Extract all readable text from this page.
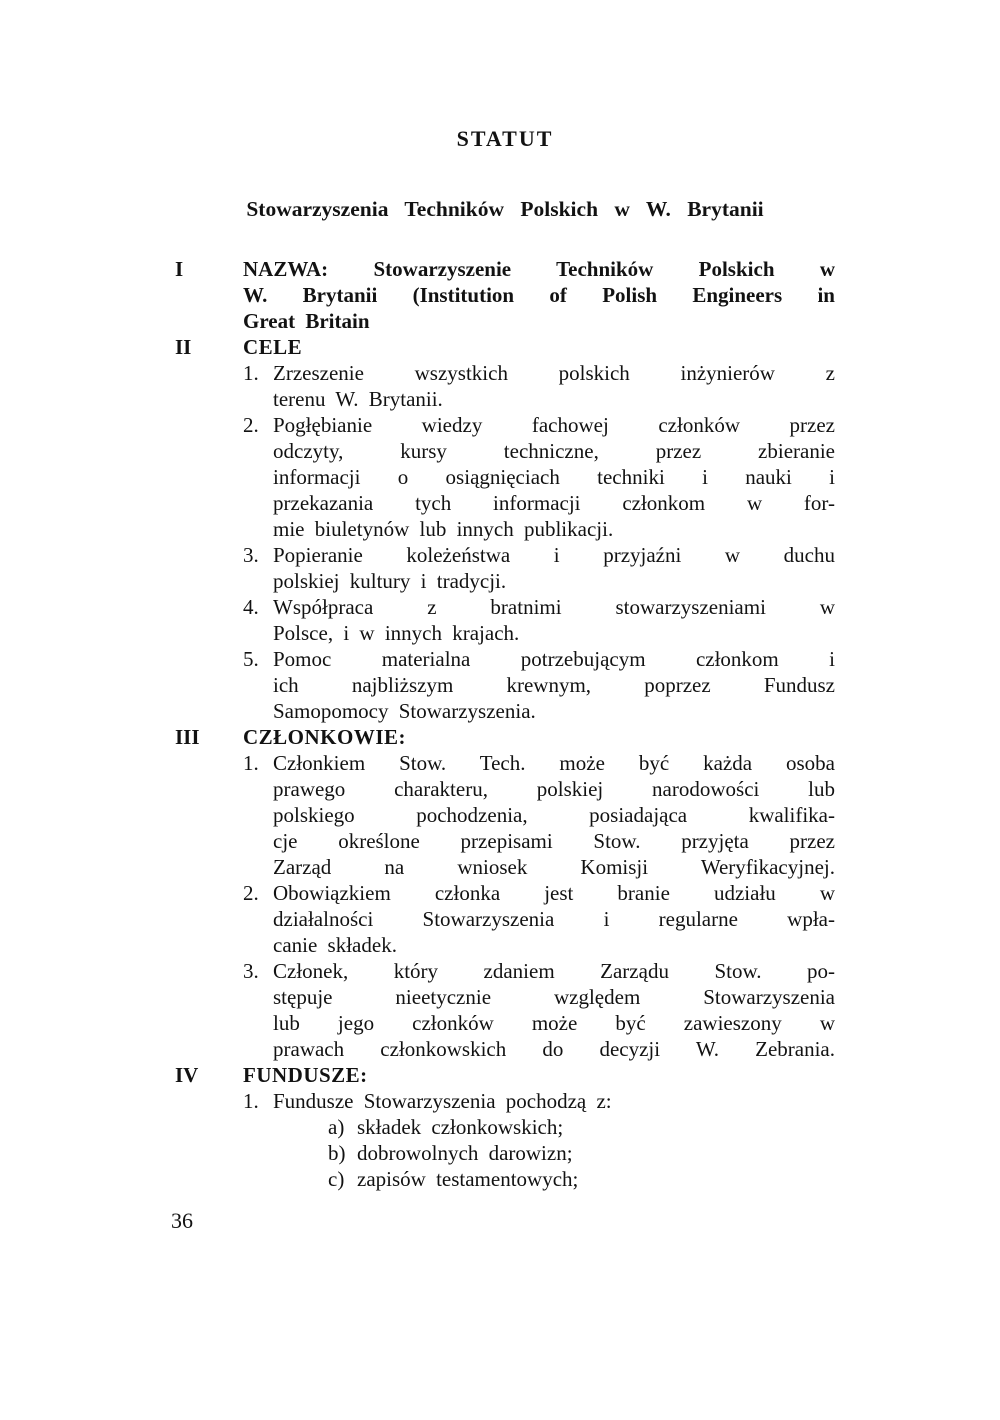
STATUT
Stowarzyszenia Techników Polskich w W. Brytanii
I	NAZWA: Stowarzyszenie Techników Polskich w
W. Brytanii (Institution of Polish Engineers in
Great Britain
II	CELE
1. Zrzeszenie wszystkich polskich inżynierów z
terenu W. Brytanii.
2. Pogłębianie wiedzy fachowej członków przez
odczyty, kursy techniczne, przez zbieranie
informacji o osiągnięciach techniki i nauki i
przekazania tych informacji członkom w for-
mie biuletynów lub innych publikacji.
3. Popieranie koleżeństwa i przyjaźni w duchu
polskiej kultury i tradycji.
4. Współpraca z bratnimi stowarzyszeniami w
Polsce, i w innych krajach.
5. Pomoc materialna potrzebującym członkom i
ich najbliższym krewnym, poprzez Fundusz
Samopomocy Stowarzyszenia.
III	CZŁONKOWIE:
1. Członkiem Stow. Tech. może być każda osoba
prawego charakteru, polskiej narodowości lub
polskiego pochodzenia, posiadająca kwalifika-
cje określone przepisami Stow. przyjęta przez
Zarząd na wniosek Komisji Weryfikacyjnej.
2. Obowiązkiem członka jest branie udziału w
działalności Stowarzyszenia i regularne wpła-
canie składek.
3. Członek, który zdaniem Zarządu Stow. po-
stępuje nieetycznie względem Stowarzyszenia
lub jego członków może być zawieszony w
prawach członkowskich do decyzji W. Zebrania.
IV	FUNDUSZE:
1. Fundusze Stowarzyszenia pochodzą z:
a) składek członkowskich;
b) dobrowolnych darowizn;
c) zapisów testamentowych;
36
